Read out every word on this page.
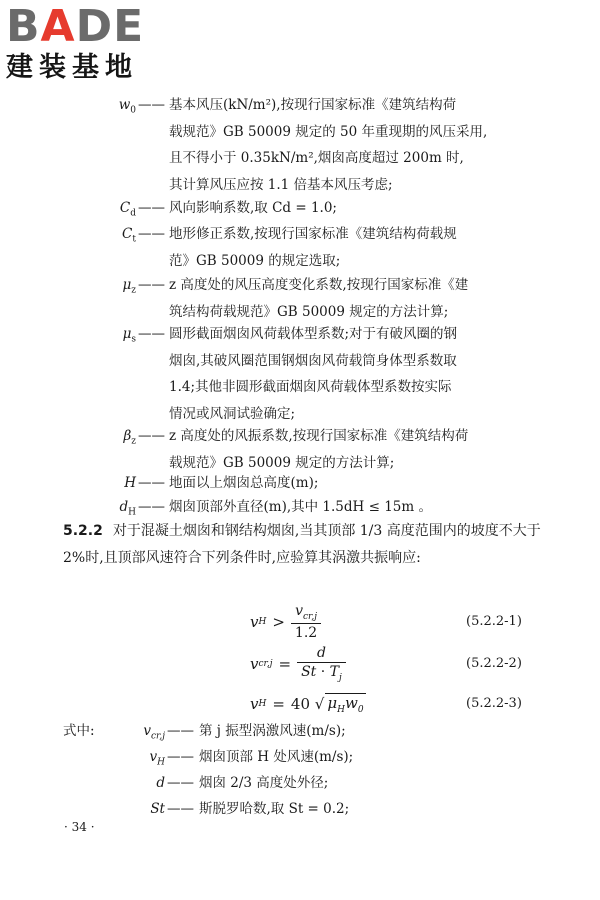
BADE
建装基地
$w_0$ —— 基本风压(kN/m²),按现行国家标准《建筑结构荷
载规范》GB 50009 规定的 50 年重现期的风压采用,
且不得小于 0.35kN/m²,烟囱高度超过 200m 时,
其计算风压应按 1.1 倍基本风压考虑;
$C_d$ —— 风向影响系数,取 Cd = 1.0;
$C_t$ —— 地形修正系数,按现行国家标准《建筑结构荷载规
范》GB 50009 的规定选取;
$\mu_z$ —— z 高度处的风压高度变化系数,按现行国家标准《建
筑结构荷载规范》GB 50009 规定的方法计算;
$\mu_s$ —— 圆形截面烟囱风荷载体型系数;对于有破风圈的钢
烟囱,其破风圈范围钢烟囱风荷载筒身体型系数取
1.4;其他非圆形截面烟囱风荷载体型系数按实际
情况或风洞试验确定;
$\beta_z$ —— z 高度处的风振系数,按现行国家标准《建筑结构荷
载规范》GB 50009 规定的方法计算;
H —— 地面以上烟囱总高度(m);
$d_H$ —— 烟囱顶部外直径(m),其中 1.5dH ≤ 15m 。
5.2.2 对于混凝土烟囱和钢结构烟囱,当其顶部 1/3 高度范围内的坡度不大于 2%时,且顶部风速符合下列条件时,应验算其涡激共振响应:
v $H > \frac{v_{cr,j}}{1.2}$	(5.2.2-1)
v $cr,j = \frac{d}{St \cdot T_j}$	(5.2.2-2)
v H = 40
√ $\mu_Hw_0$	(5.2.2-3)
式中:	$v_{cr,j}$ —— 第 j 振型涡激风速(m/s);
$v_H$ —— 烟囱顶部 H 处风速(m/s);
d —— 烟囱 2/3 高度处外径;
St —— 斯脱罗哈数,取 St = 0.2;
· 34 ·
